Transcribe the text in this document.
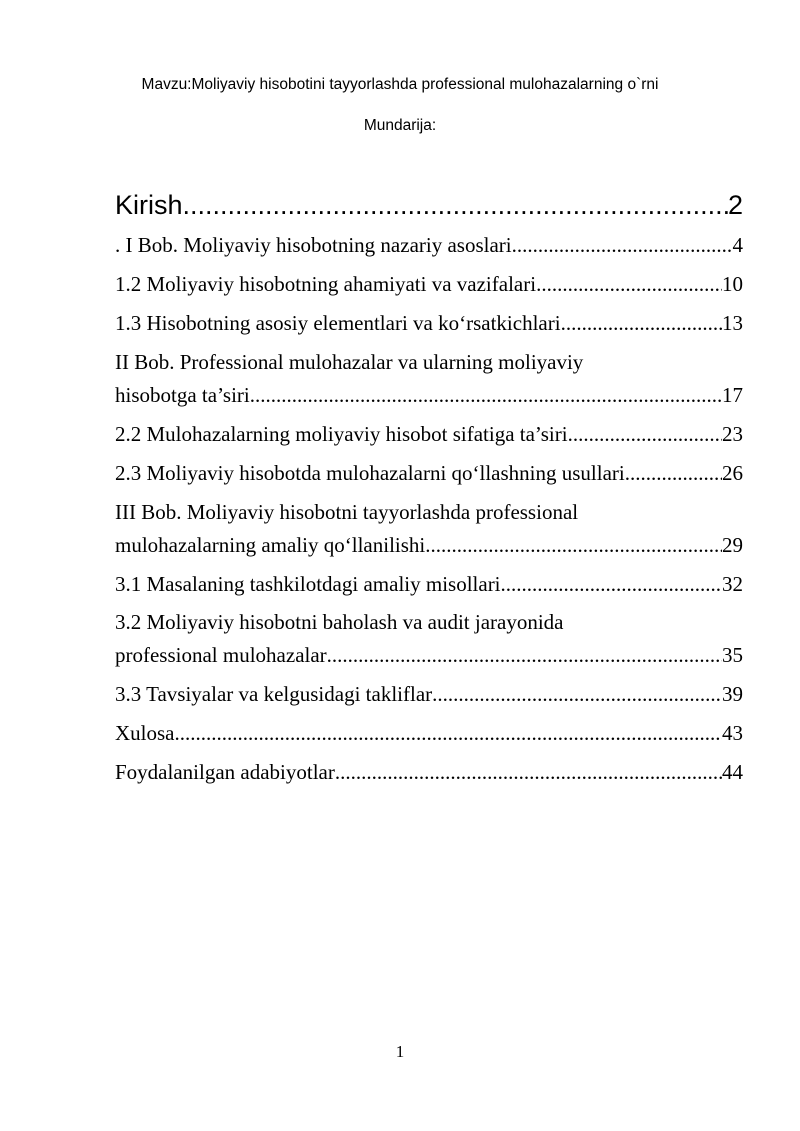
Mavzu:Moliyaviy hisobotini tayyorlashda professional mulohazalarning o`rni
Mundarija:
Kirish .....	2
. I Bob. Moliyaviy hisobotning nazariy asoslari .....	4
1.2 Moliyaviy hisobotning ahamiyati va vazifalari .....	10
1.3 Hisobotning asosiy elementlari va ko‘rsatkichlari .....	13
II Bob. Professional mulohazalar va ularning moliyaviy
hisobotga ta’siri .....	17
2.2 Mulohazalarning moliyaviy hisobot sifatiga ta’siri .....	23
2.3 Moliyaviy hisobotda mulohazalarni qo‘llashning usullari. .....	26
III Bob. Moliyaviy hisobotni tayyorlashda professional
mulohazalarning amaliy qo‘llanilishi .....	29
3.1 Masalaning tashkilotdagi amaliy misollari .....	32
3.2 Moliyaviy hisobotni baholash va audit jarayonida
professional mulohazalar .....	35
3.3 Tavsiyalar va kelgusidagi takliflar .....	39
Xulosa .....	43
Foydalanilgan adabiyotlar .....	44
1
